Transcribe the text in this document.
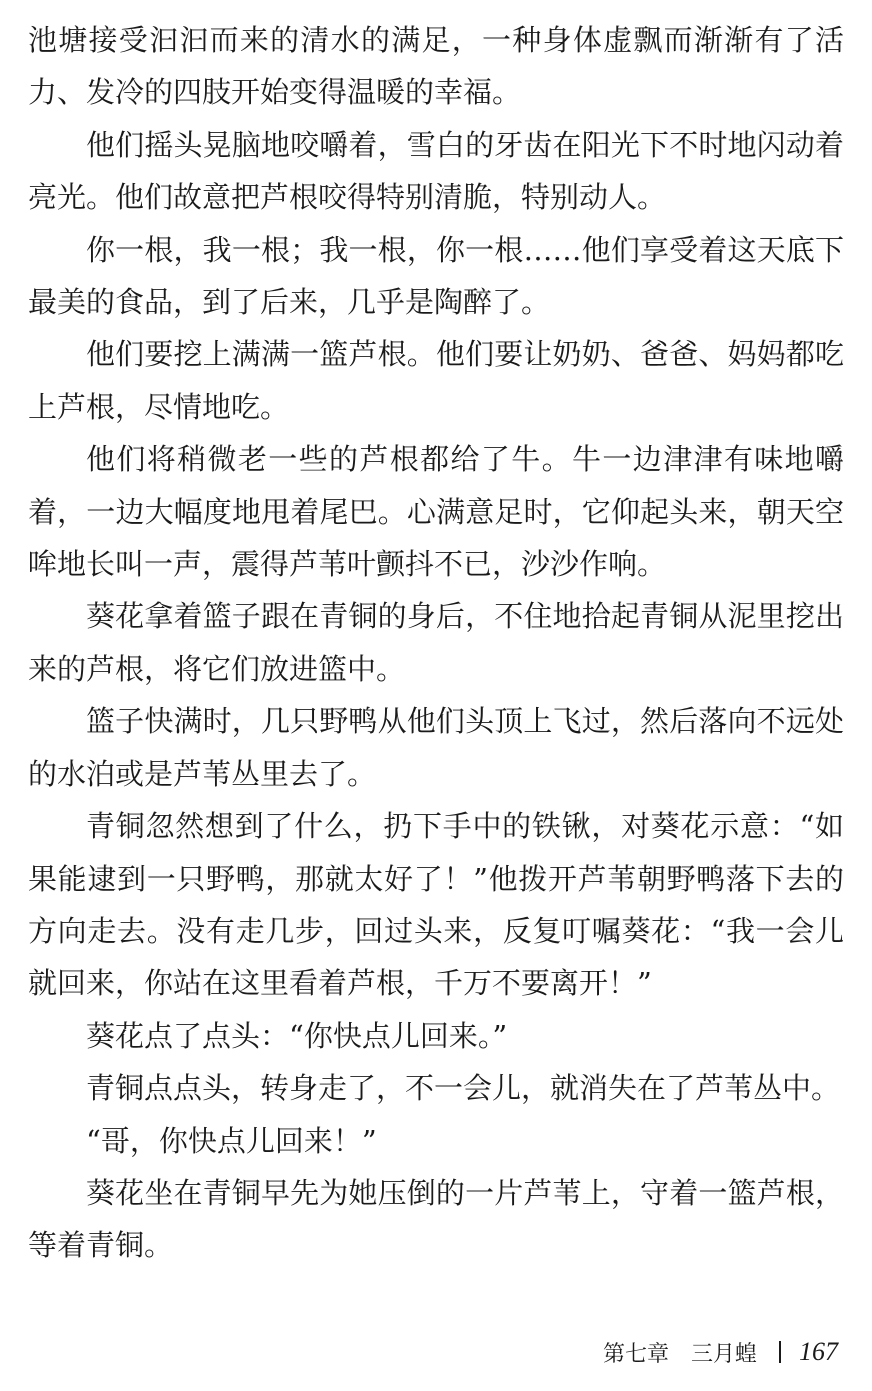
池塘接受汩汩而来的清水的满足，一种身体虚飘而渐渐有了活力、发冷的四肢开始变得温暖的幸福。

他们摇头晃脑地咬嚼着，雪白的牙齿在阳光下不时地闪动着亮光。他们故意把芦根咬得特别清脆，特别动人。

你一根，我一根；我一根，你一根……他们享受着这天底下最美的食品，到了后来，几乎是陶醉了。

他们要挖上满满一篮芦根。他们要让奶奶、爸爸、妈妈都吃上芦根，尽情地吃。

他们将稍微老一些的芦根都给了牛。牛一边津津有味地嚼着，一边大幅度地甩着尾巴。心满意足时，它仰起头来，朝天空哞地长叫一声，震得芦苇叶颤抖不已，沙沙作响。

葵花拿着篮子跟在青铜的身后，不住地拾起青铜从泥里挖出来的芦根，将它们放进篮中。

篮子快满时，几只野鸭从他们头顶上飞过，然后落向不远处的水泊或是芦苇丛里去了。

青铜忽然想到了什么，扔下手中的铁锹，对葵花示意：“如果能逮到一只野鸭，那就太好了！”他拨开芦苇朝野鸭落下去的方向走去。没有走几步，回过头来，反复叮嘱葵花：“我一会儿就回来，你站在这里看着芦根，千万不要离开！”

葵花点了点头：“你快点儿回来。”

青铜点点头，转身走了，不一会儿，就消失在了芦苇丛中。

“哥，你快点儿回来！”

葵花坐在青铜早先为她压倒的一片芦苇上，守着一篮芦根，等着青铜。

第七章　三月蝗 167
